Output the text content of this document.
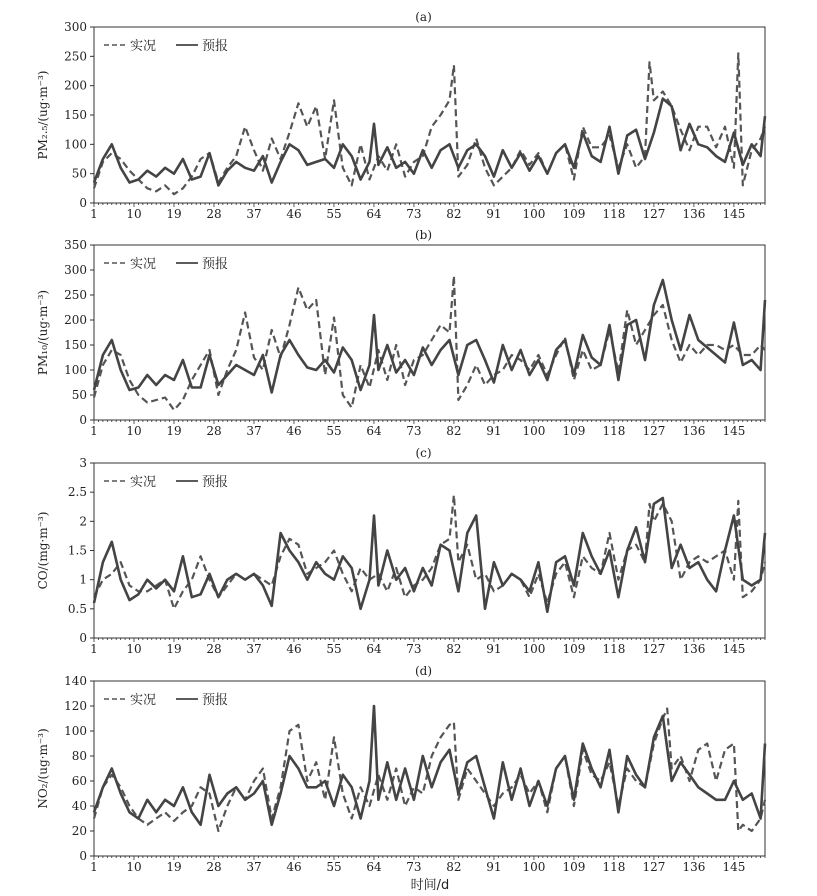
(a)
0
50
100
150
200
250
300
1 10 19 28 37 46 55 64 73 82 91 100 109 118 127 136 145
PM₂.₅/(ug·m⁻³)
实况	预报
(b)
0
50
100
150
200
250
300
350
1 10 19 28 37 46 55 64 73 82 91 100 109 118 127 136 145
PM₁₀/(ug·m⁻³)
实况	预报
(c)
0
0.5
1
1.5
2
2.5
3
1 10 19 28 37 46 55 64 73 82 91 100 109 118 127 136 145
CO/(mg·m⁻³)
实况	预报
(d)
0
20
40
60
80
100
120
140
1 10 19 28 37 46 55 64 73 82 91 100 109 118 127 136 145
NO₂/(ug·m⁻³)
实况	预报
时间/d
